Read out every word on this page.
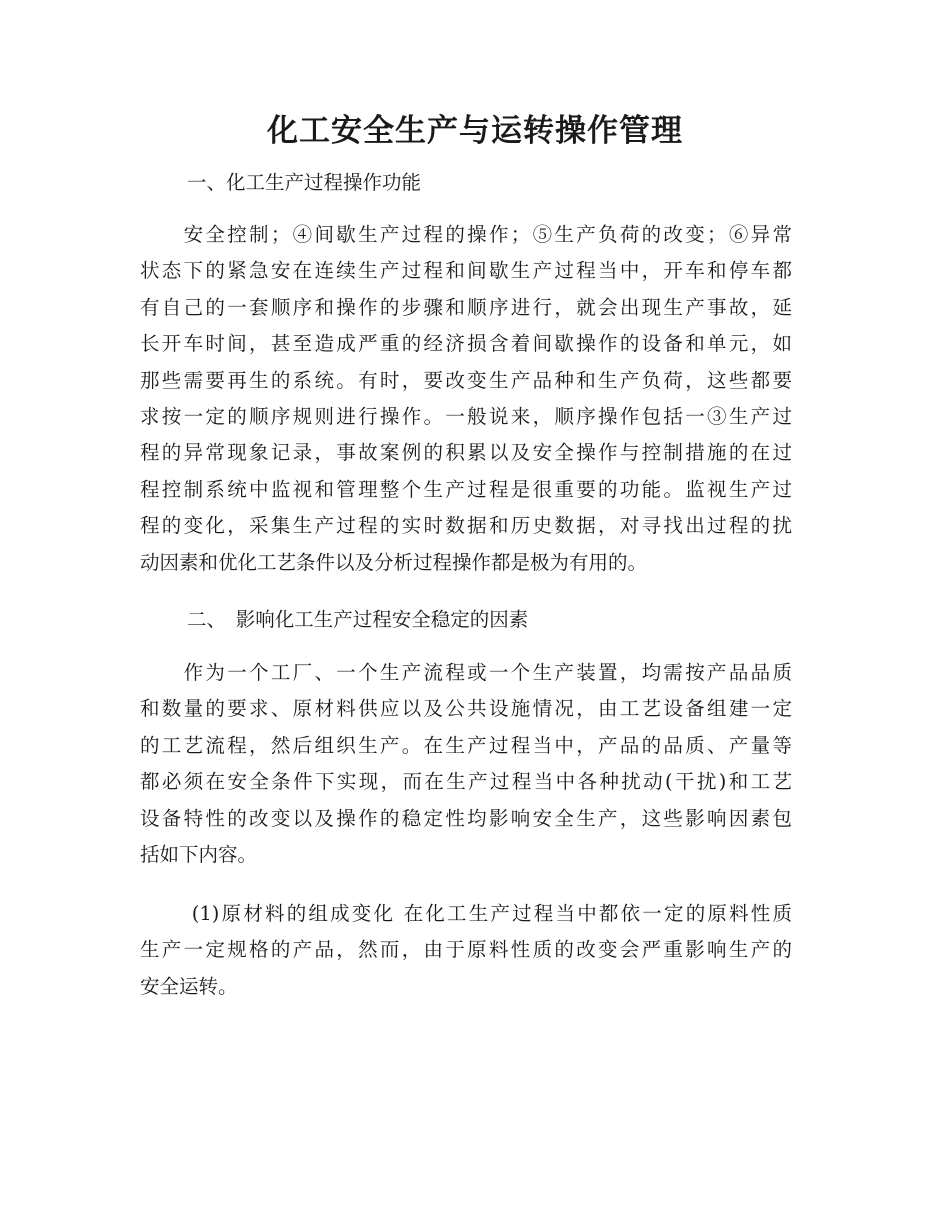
化工安全生产与运转操作管理
一、化工生产过程操作功能
　　安全控制；④间歇生产过程的操作；⑤生产负荷的改变；⑥异常
状态下的紧急安在连续生产过程和间歇生产过程当中，开车和停车都
有自己的一套顺序和操作的步骤和顺序进行，就会出现生产事故，延
长开车时间，甚至造成严重的经济损含着间歇操作的设备和单元，如
那些需要再生的系统。有时，要改变生产品种和生产负荷，这些都要
求按一定的顺序规则进行操作。一般说来，顺序操作包括一③生产过
程的异常现象记录，事故案例的积累以及安全操作与控制措施的在过
程控制系统中监视和管理整个生产过程是很重要的功能。监视生产过
程的变化，采集生产过程的实时数据和历史数据，对寻找出过程的扰
动因素和优化工艺条件以及分析过程操作都是极为有用的。
二、　影响化工生产过程安全稳定的因素
　　作为一个工厂、一个生产流程或一个生产装置，均需按产品品质
和数量的要求、原材料供应以及公共设施情况，由工艺设备组建一定
的工艺流程，然后组织生产。在生产过程当中，产品的品质、产量等
都必须在安全条件下实现，而在生产过程当中各种扰动(干扰)和工艺
设备特性的改变以及操作的稳定性均影响安全生产，这些影响因素包
括如下内容。
　　 (1)原材料的组成变化 在化工生产过程当中都依一定的原料性质
生产一定规格的产品，然而，由于原料性质的改变会严重影响生产的
安全运转。
